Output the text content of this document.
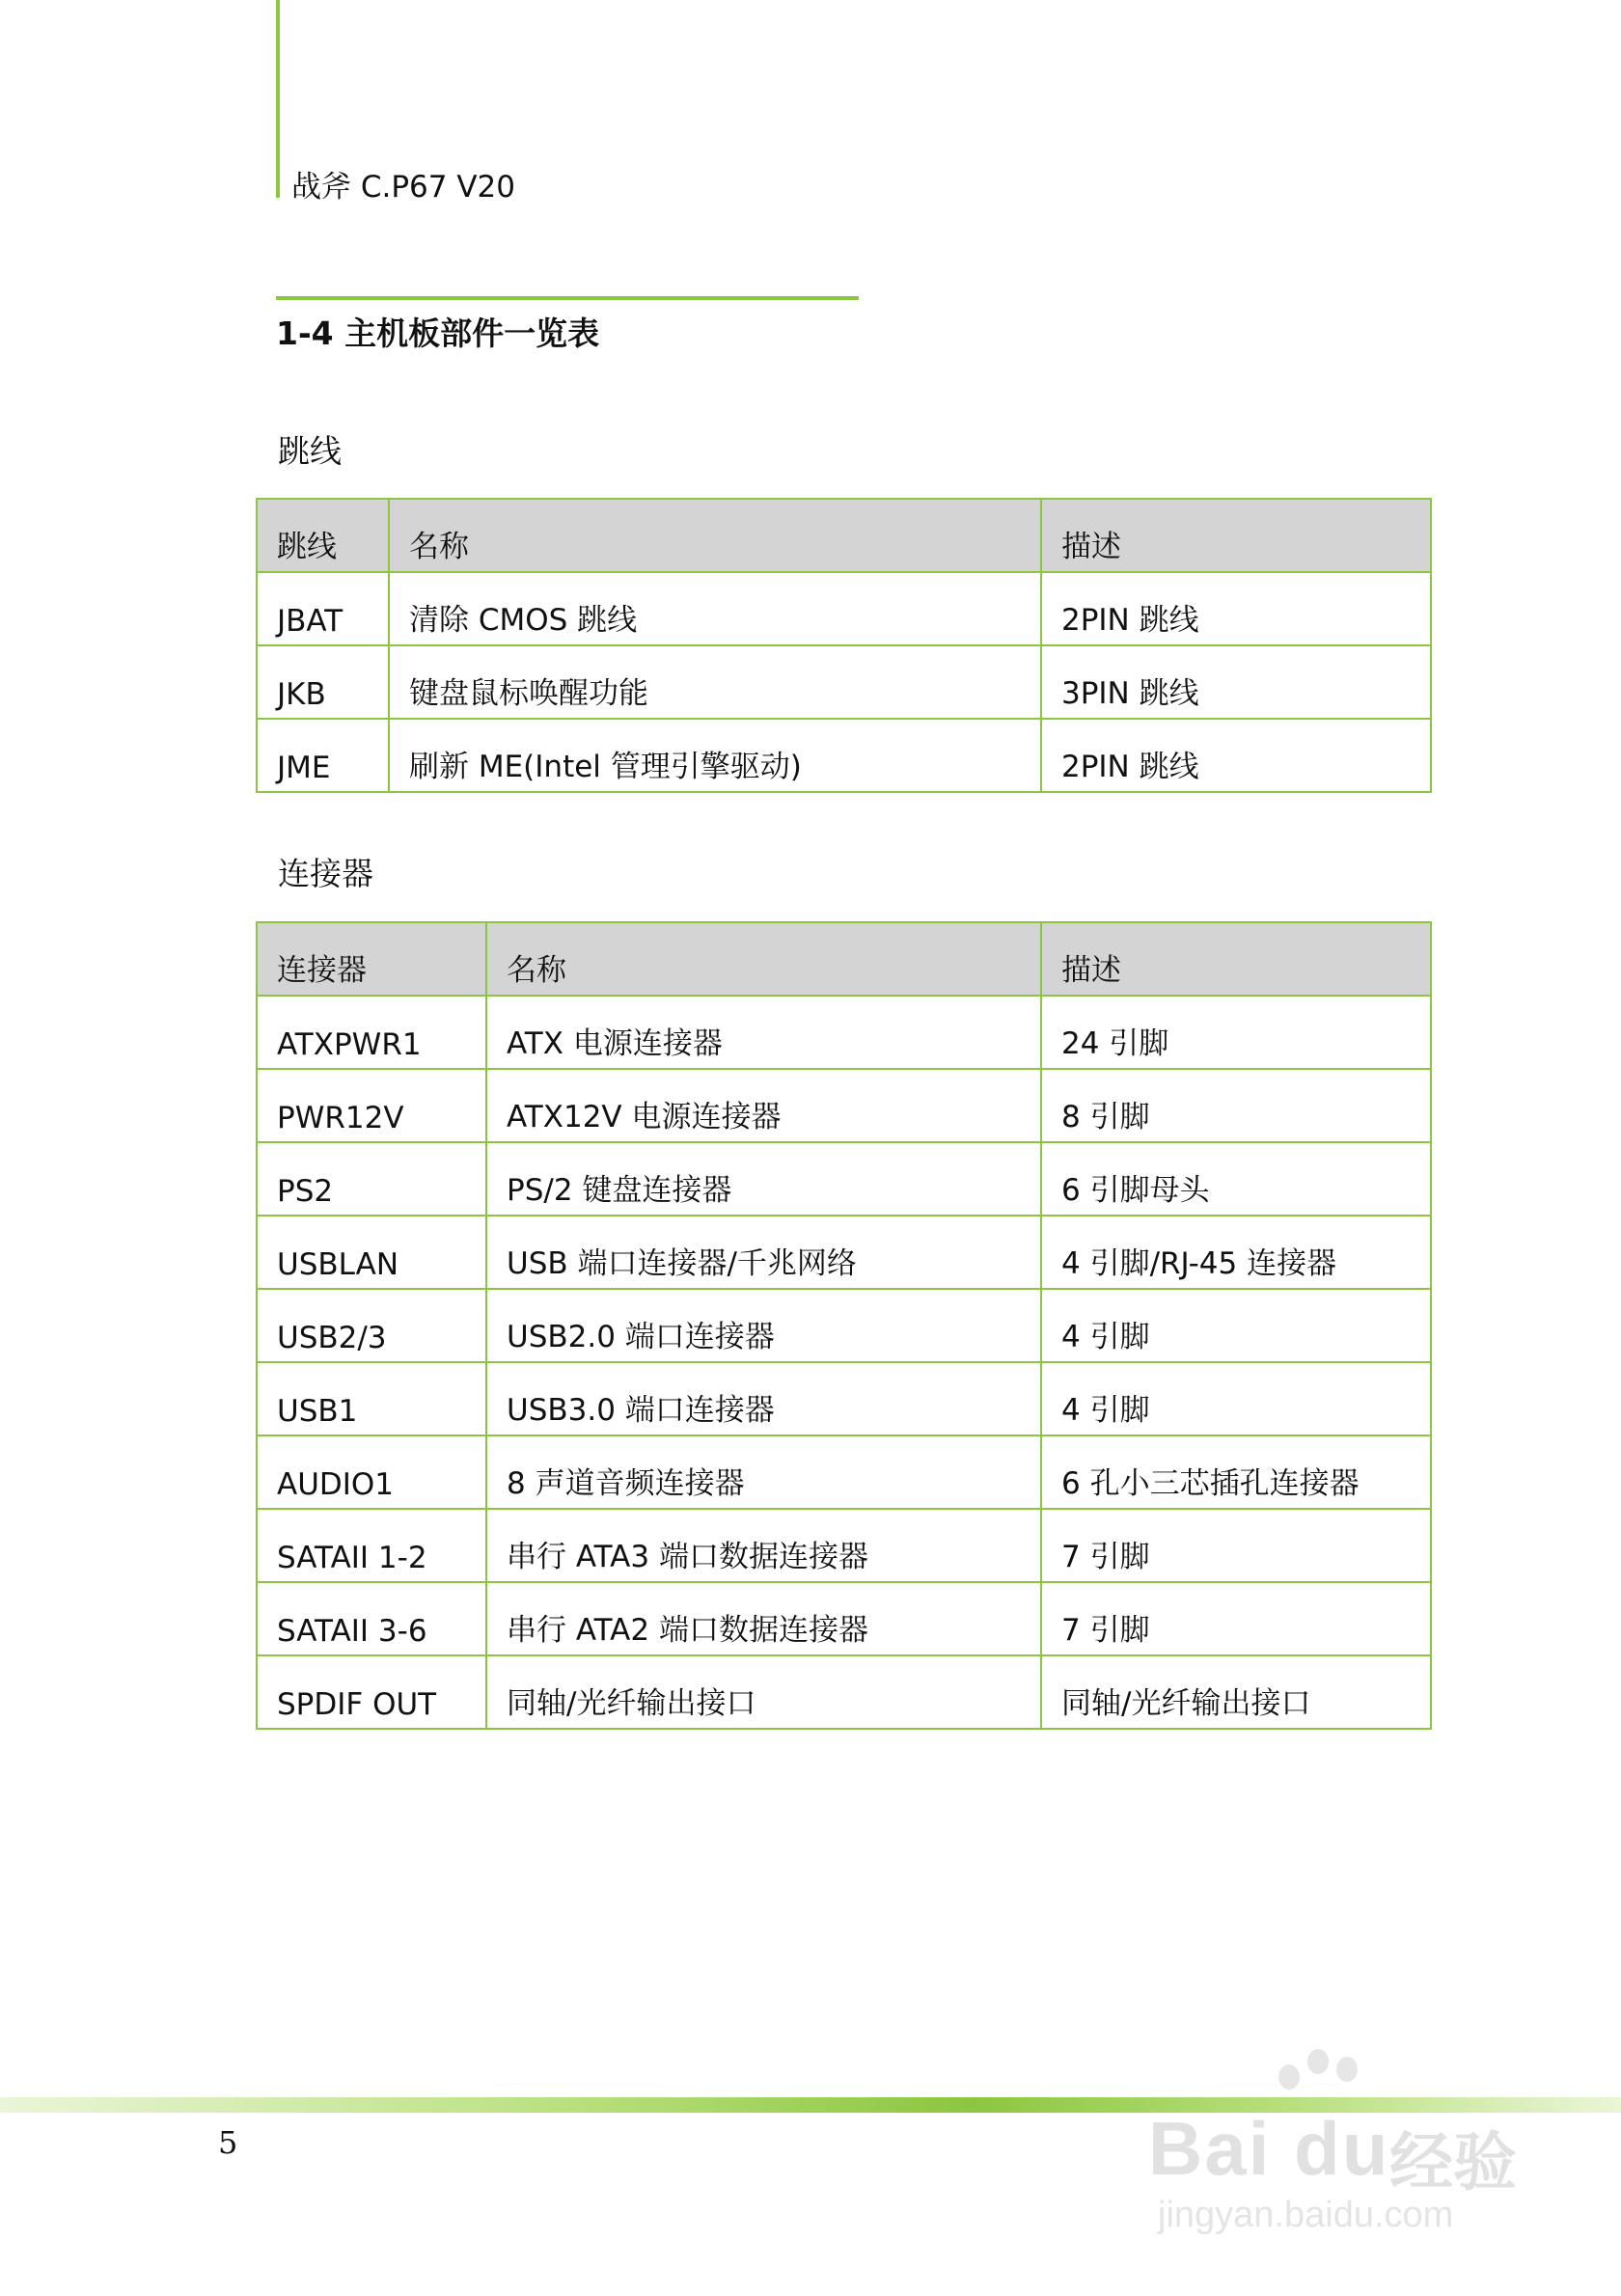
战斧 C.P67 V20
1-4 主机板部件一览表
跳线
跳线	名称	描述
JBAT	清除 CMOS 跳线	2PIN 跳线
JKB	键盘鼠标唤醒功能	3PIN 跳线
JME	刷新 ME(Intel 管理引擎驱动)	2PIN 跳线
连接器
连接器	名称	描述
ATXPWR1	ATX 电源连接器	24 引脚
PWR12V	ATX12V 电源连接器	8 引脚
PS2	PS/2 键盘连接器	6 引脚母头
USBLAN	USB 端口连接器/千兆网络	4 引脚/RJ-45 连接器
USB2/3	USB2.0 端口连接器	4 引脚
USB1	USB3.0 端口连接器	4 引脚
AUDIO1	8 声道音频连接器	6 孔小三芯插孔连接器
SATAII 1-2	串行 ATA3 端口数据连接器	7 引脚
SATAII 3-6	串行 ATA2 端口数据连接器	7 引脚
SPDIF OUT	同轴/光纤输出接口	同轴/光纤输出接口
5	Bai du 经验
jingyan.baidu.com
